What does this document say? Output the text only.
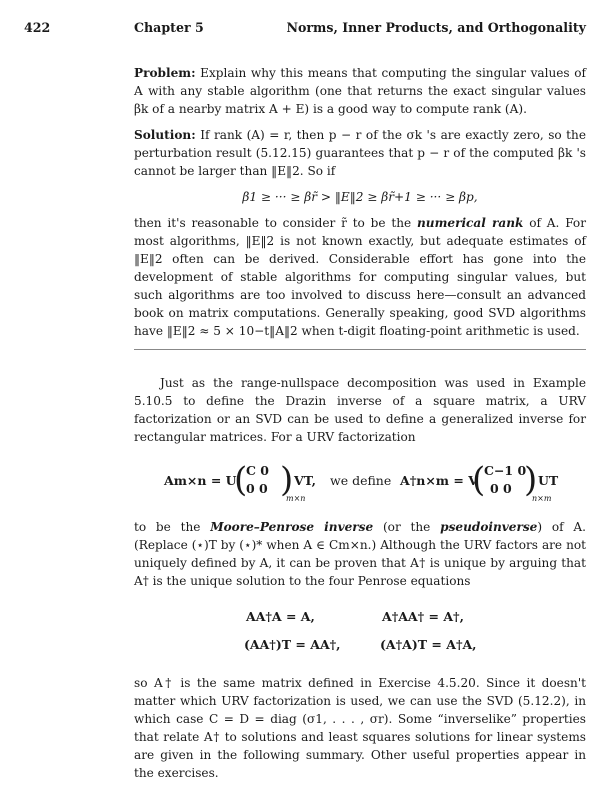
422	Chapter 5	Norms, Inner Products, and Orthogonality

Problem: Explain why this means that computing the singular values of A with any stable algorithm (one that returns the exact singular values βk of a nearby matrix A + E) is a good way to compute rank (A).

Solution: If rank (A) = r, then p − r of the σk 's are exactly zero, so the perturbation result (5.12.15) guarantees that p − r of the computed βk 's cannot be larger than ‖E‖2. So if

β1 ≥ ··· ≥ βr̃ > ‖E‖2 ≥ βr̃+1 ≥ ··· ≥ βp,

then it's reasonable to consider r̃ to be the numerical rank of A. For most algorithms, ‖E‖2 is not known exactly, but adequate estimates of ‖E‖2 often can be derived. Considerable effort has gone into the development of stable algorithms for computing singular values, but such algorithms are too involved to discuss here—consult an advanced book on matrix computations. Generally speaking, good SVD algorithms have ‖E‖2 ≈ 5 × 10−t‖A‖2 when t-digit floating-point arithmetic is used.

Just as the range-nullspace decomposition was used in Example 5.10.5 to define the Drazin inverse of a square matrix, a URV factorization or an SVD can be used to define a generalized inverse for rectangular matrices. For a URV factorization

Am×n = U
(
C 0
0 0 ) VT,
m×n
we define A†n×m = V
(
C−1 0
0 0 ) UT
n×m

to be the Moore–Penrose inverse (or the pseudoinverse) of A. (Replace (⋆)T by (⋆)* when A ∈ Cm×n.) Although the URV factors are not uniquely defined by A, it can be proven that A† is unique by arguing that A† is the unique solution to the four Penrose equations

AA†A = A,	A†AA† = A†,
(AA†)T = AA†,	(A†A)T = A†A,

so A† is the same matrix defined in Exercise 4.5.20. Since it doesn't matter which URV factorization is used, we can use the SVD (5.12.2), in which case C = D = diag (σ1, . . . , σr). Some “inverselike” properties that relate A† to solutions and least squares solutions for linear systems are given in the following summary. Other useful properties appear in the exercises.
